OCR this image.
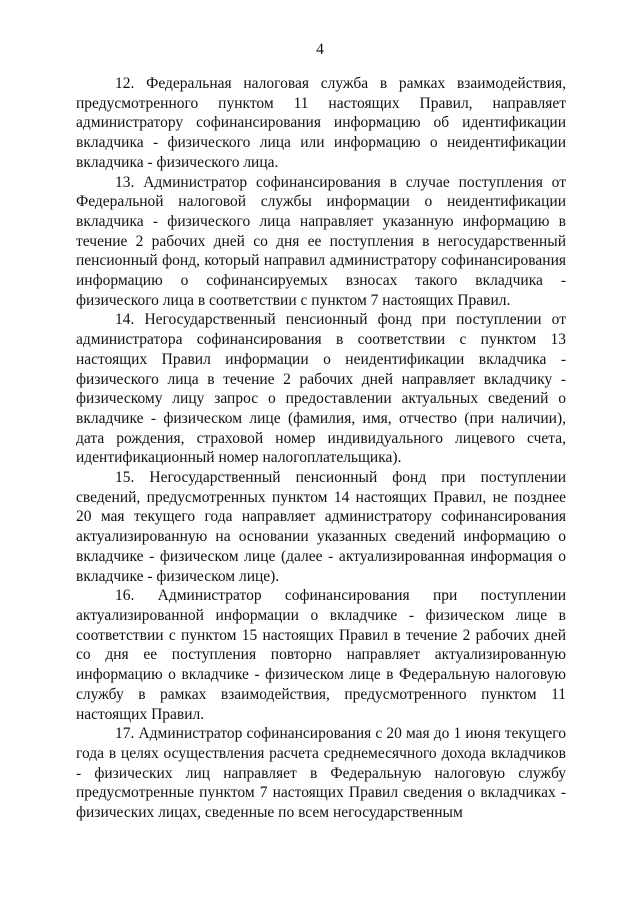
4

12. Федеральная налоговая служба в рамках взаимодействия, предусмотренного пунктом 11 настоящих Правил, направляет администратору софинансирования информацию об идентификации вкладчика - физического лица или информацию о неидентификации вкладчика - физического лица.

13. Администратор софинансирования в случае поступления от Федеральной налоговой службы информации о неидентификации вкладчика - физического лица направляет указанную информацию в течение 2 рабочих дней со дня ее поступления в негосударственный пенсионный фонд, который направил администратору софинансирования информацию о софинансируемых взносах такого вкладчика - физического лица в соответствии с пунктом 7 настоящих Правил.

14. Негосударственный пенсионный фонд при поступлении от администратора софинансирования в соответствии с пунктом 13 настоящих Правил информации о неидентификации вкладчика - физического лица в течение 2 рабочих дней направляет вкладчику - физическому лицу запрос о предоставлении актуальных сведений о вкладчике - физическом лице (фамилия, имя, отчество (при наличии), дата рождения, страховой номер индивидуального лицевого счета, идентификационный номер налогоплательщика).

15. Негосударственный пенсионный фонд при поступлении сведений, предусмотренных пунктом 14 настоящих Правил, не позднее 20 мая текущего года направляет администратору софинансирования актуализированную на основании указанных сведений информацию о вкладчике - физическом лице (далее - актуализированная информация о вкладчике - физическом лице).

16. Администратор софинансирования при поступлении актуализированной информации о вкладчике - физическом лице в соответствии с пунктом 15 настоящих Правил в течение 2 рабочих дней со дня ее поступления повторно направляет актуализированную информацию о вкладчике - физическом лице в Федеральную налоговую службу в рамках взаимодействия, предусмотренного пунктом 11 настоящих Правил.

17. Администратор софинансирования с 20 мая до 1 июня текущего года в целях осуществления расчета среднемесячного дохода вкладчиков - физических лиц направляет в Федеральную налоговую службу предусмотренные пунктом 7 настоящих Правил сведения о вкладчиках - физических лицах, сведенные по всем негосударственным
